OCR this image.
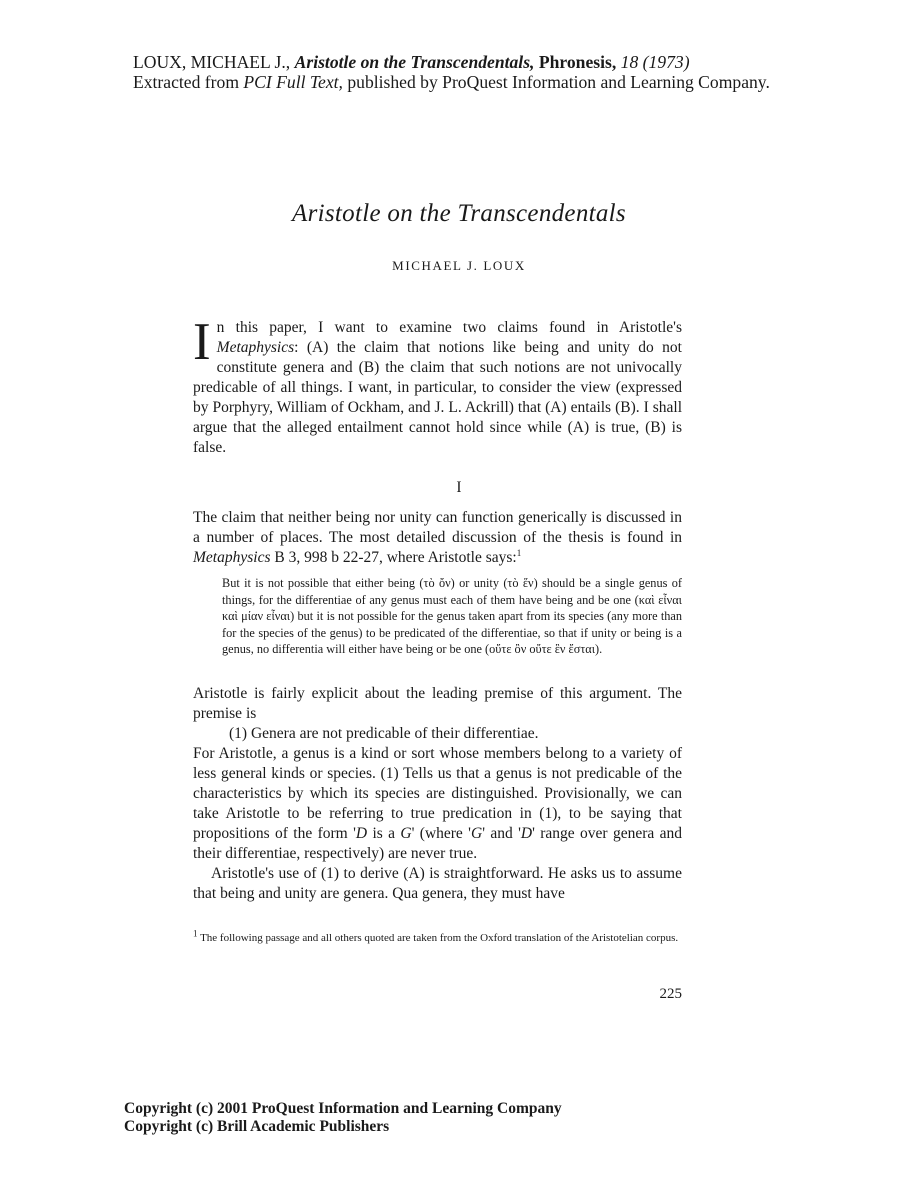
LOUX, MICHAEL J., Aristotle on the Transcendentals, Phronesis, 18 (1973)
Extracted from PCI Full Text, published by ProQuest Information and Learning Company.
Aristotle on the Transcendentals
MICHAEL J. LOUX
In this paper, I want to examine two claims found in Aristotle's Metaphysics: (A) the claim that notions like being and unity do not constitute genera and (B) the claim that such notions are not univocally predicable of all things. I want, in particular, to consider the view (expressed by Porphyry, William of Ockham, and J. L. Ackrill) that (A) entails (B). I shall argue that the alleged entailment cannot hold since while (A) is true, (B) is false.
I
The claim that neither being nor unity can function generically is discussed in a number of places. The most detailed discussion of the thesis is found in Metaphysics B 3, 998 b 22-27, where Aristotle says:$^1$
But it is not possible that either being (τὸ ὄν) or unity (τὸ ἕν) should be a single genus of things, for the differentiae of any genus must each of them have being and be one (καὶ εἶναι καὶ μίαν εἶναι) but it is not possible for the genus taken apart from its species (any more than for the species of the genus) to be predicated of the differentiae, so that if unity or being is a genus, no differentia will either have being or be one (οὔτε ὂν οὔτε ἓν ἔσται).

Aristotle is fairly explicit about the leading premise of this argument. The premise is

(1) Genera are not predicable of their differentiae.

For Aristotle, a genus is a kind or sort whose members belong to a variety of less general kinds or species. (1) Tells us that a genus is not predicable of the characteristics by which its species are distinguished. Provisionally, we can take Aristotle to be referring to true predication in (1), to be saying that propositions of the form 'D is a G' (where 'G' and 'D' range over genera and their differentiae, respectively) are never true.

Aristotle's use of (1) to derive (A) is straightforward. He asks us to assume that being and unity are genera. Qua genera, they must have

$^1$ The following passage and all others quoted are taken from the Oxford translation of the Aristotelian corpus.
225
Copyright (c) 2001 ProQuest Information and Learning Company
Copyright (c) Brill Academic Publishers
